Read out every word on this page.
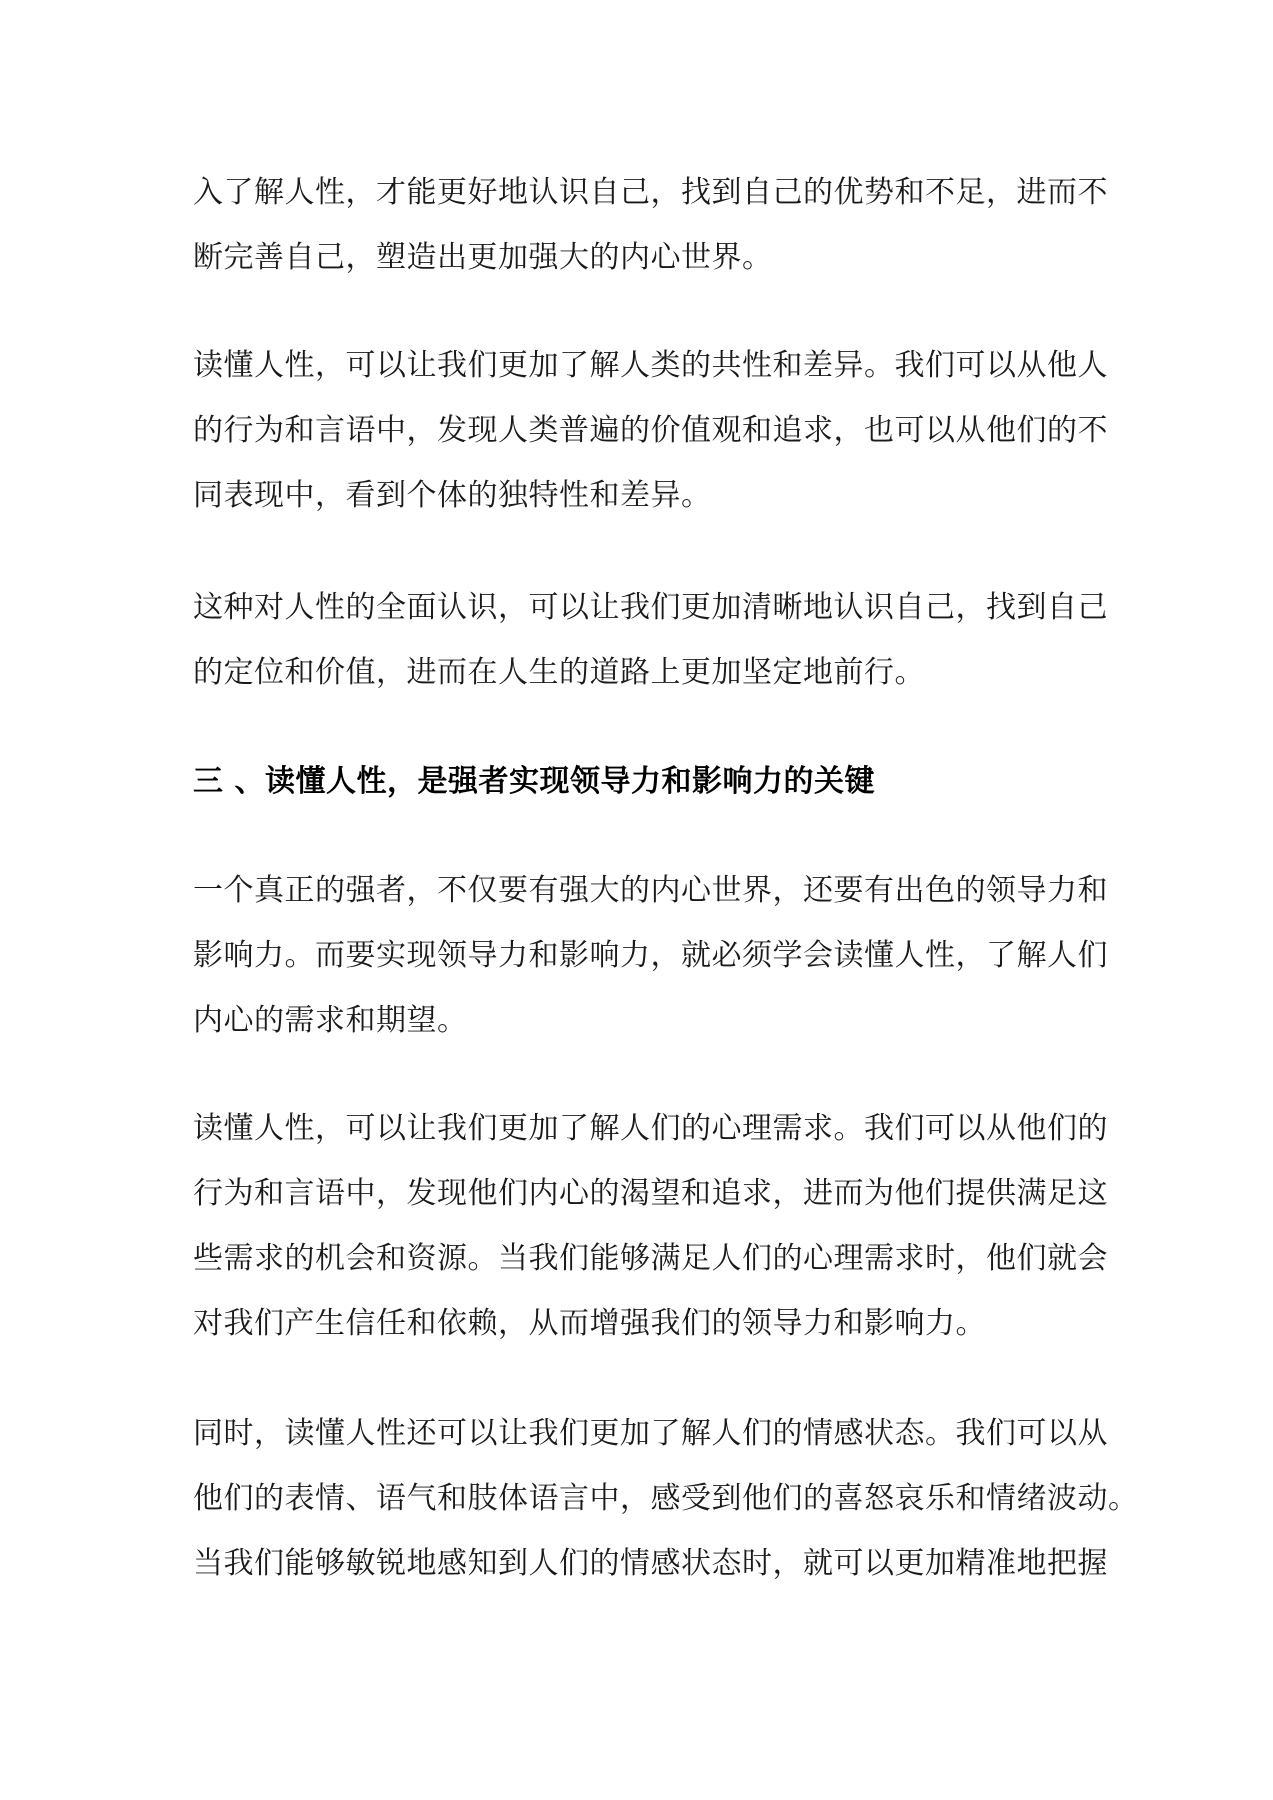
入了解人性，才能更好地认识自己，找到自己的优势和不足，进而不
断完善自己，塑造出更加强大的内心世界。
读懂人性，可以让我们更加了解人类的共性和差异。我们可以从他人
的行为和言语中，发现人类普遍的价值观和追求，也可以从他们的不
同表现中，看到个体的独特性和差异。
这种对人性的全面认识，可以让我们更加清晰地认识自己，找到自己
的定位和价值，进而在人生的道路上更加坚定地前行。
三 、读懂人性，是强者实现领导力和影响力的关键
一个真正的强者，不仅要有强大的内心世界，还要有出色的领导力和
影响力。而要实现领导力和影响力，就必须学会读懂人性，了解人们
内心的需求和期望。
读懂人性，可以让我们更加了解人们的心理需求。我们可以从他们的
行为和言语中，发现他们内心的渴望和追求，进而为他们提供满足这
些需求的机会和资源。当我们能够满足人们的心理需求时，他们就会
对我们产生信任和依赖，从而增强我们的领导力和影响力。
同时，读懂人性还可以让我们更加了解人们的情感状态。我们可以从
他们的表情、语气和肢体语言中，感受到他们的喜怒哀乐和情绪波动。
当我们能够敏锐地感知到人们的情感状态时，就可以更加精准地把握
